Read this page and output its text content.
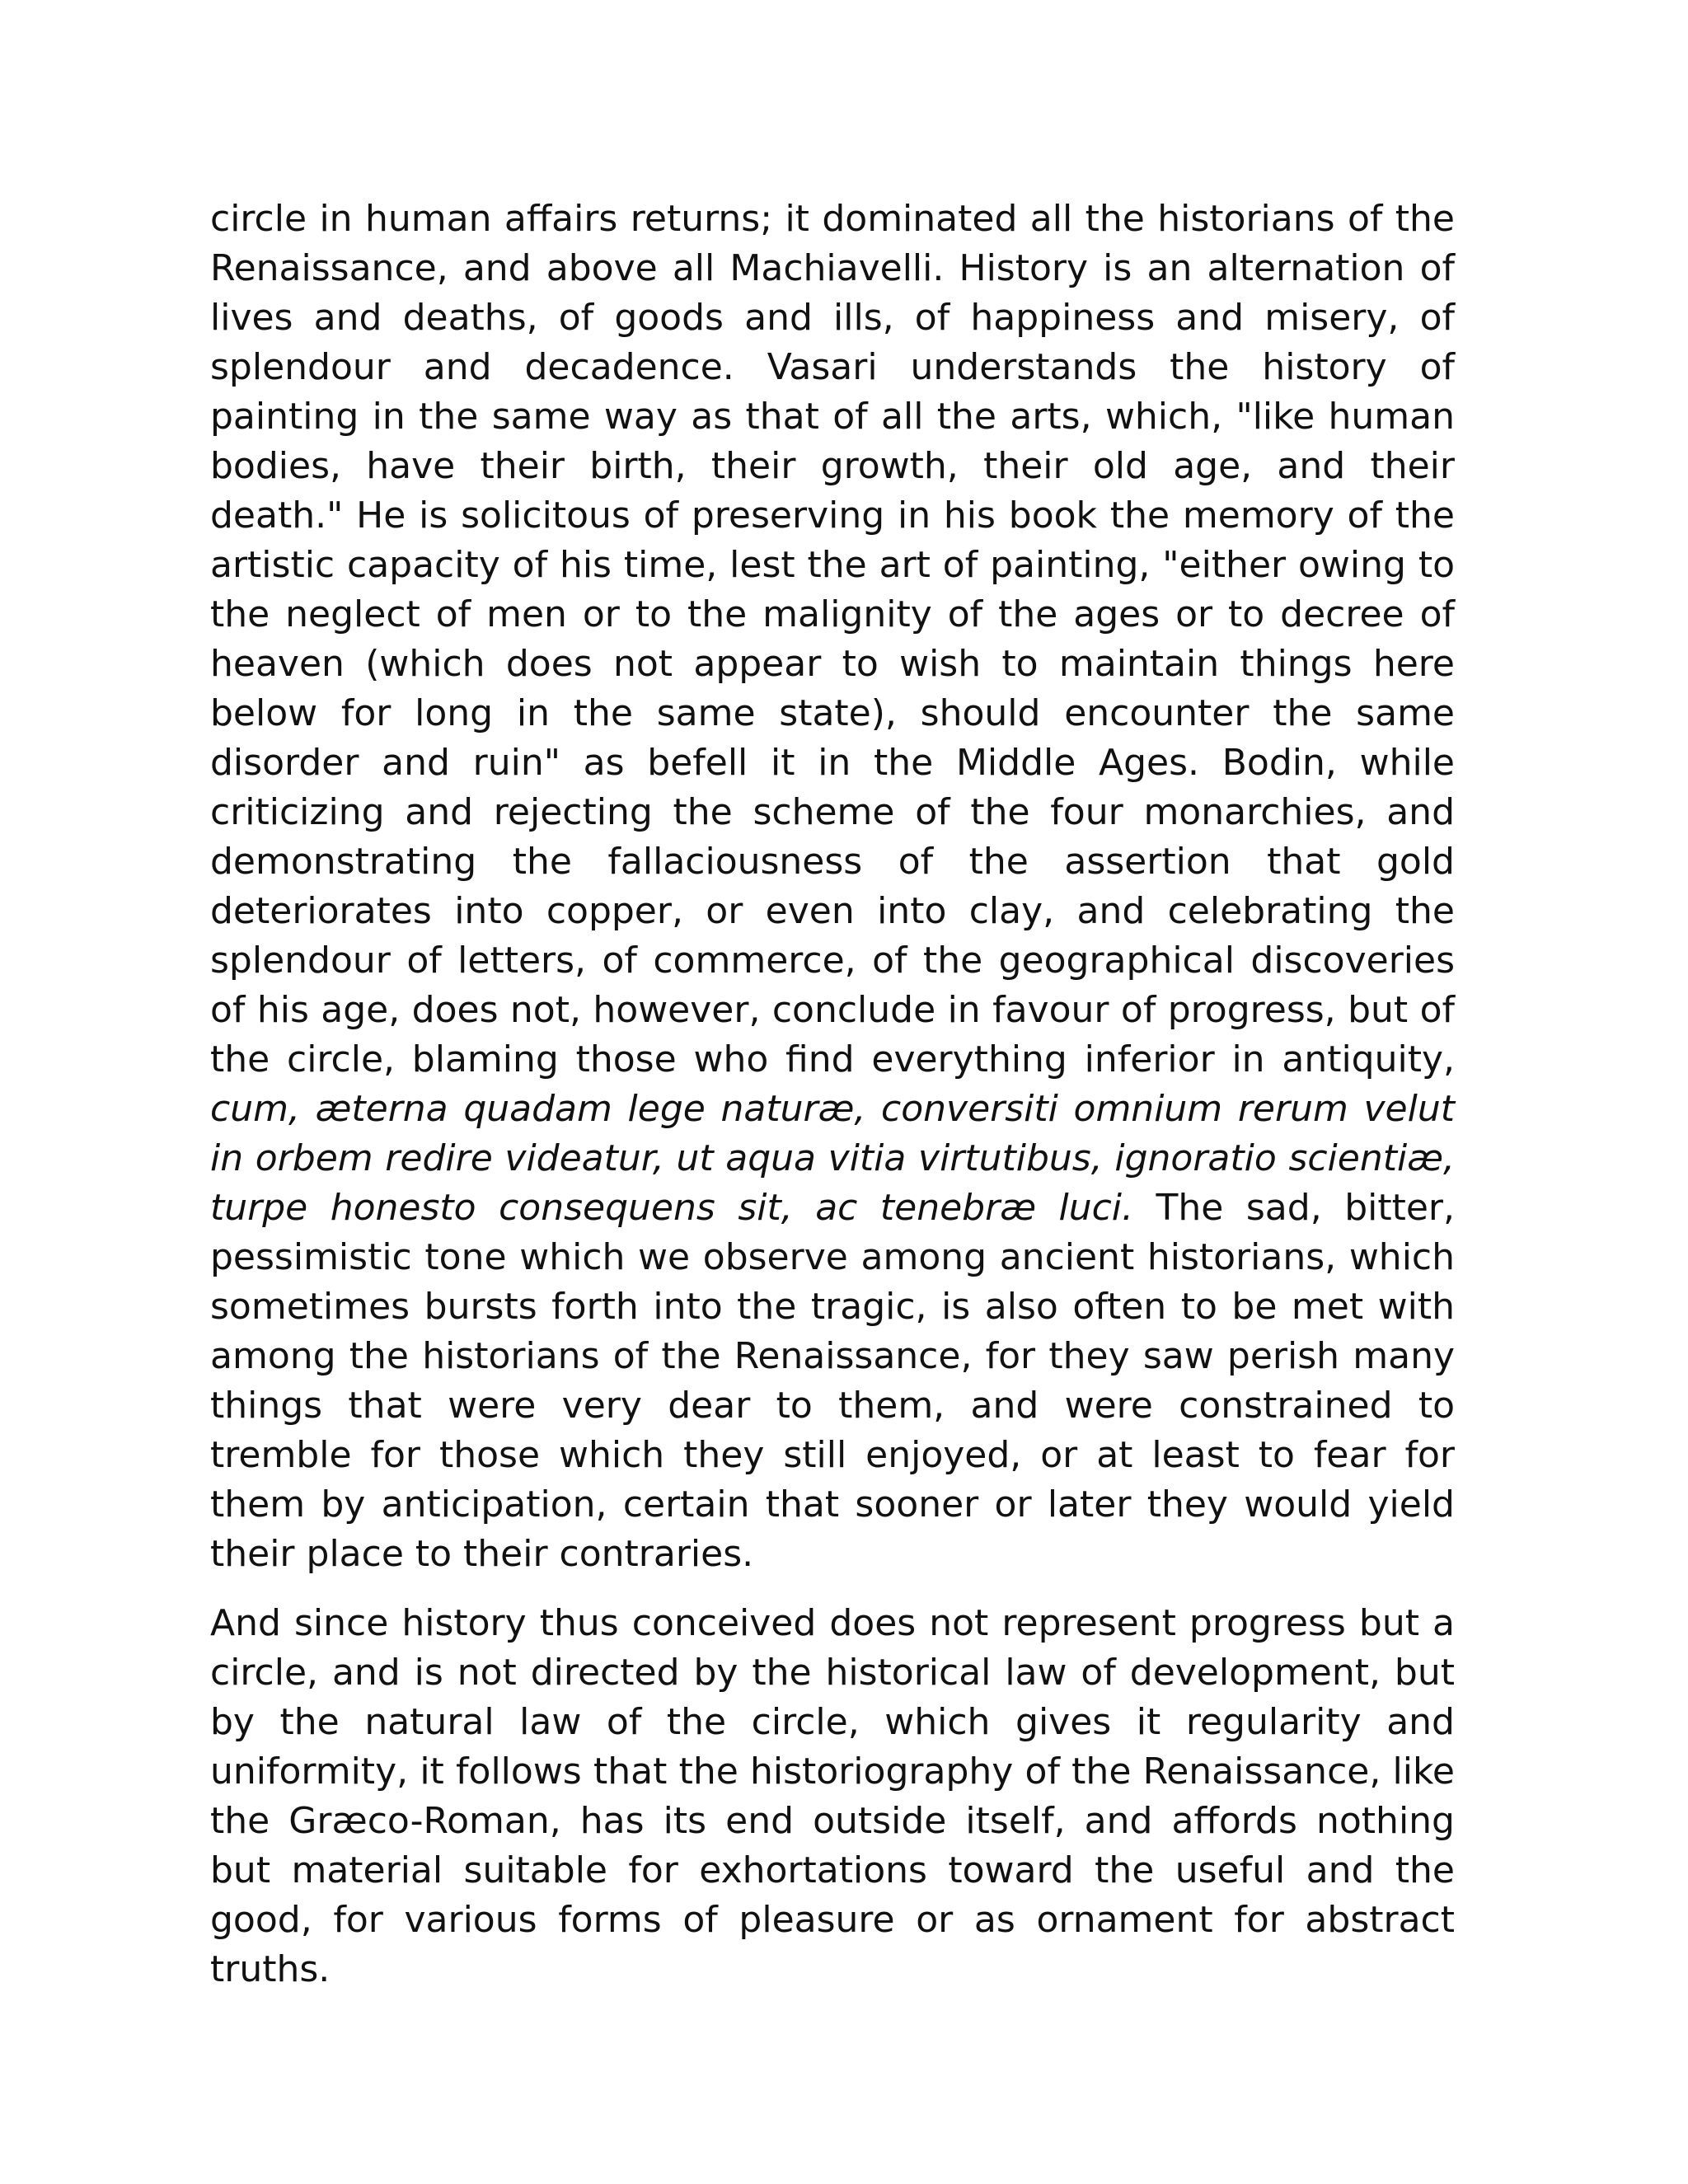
circle in human affairs returns; it dominated all the historians of the Renaissance, and above all Machiavelli. History is an alternation of lives and deaths, of goods and ills, of happiness and misery, of splendour and decadence. Vasari understands the history of painting in the same way as that of all the arts, which, "like human bodies, have their birth, their growth, their old age, and their death." He is solicitous of preserving in his book the memory of the artistic capacity of his time, lest the art of painting, "either owing to the neglect of men or to the malignity of the ages or to decree of heaven (which does not appear to wish to maintain things here below for long in the same state), should encounter the same disorder and ruin" as befell it in the Middle Ages. Bodin, while criticizing and rejecting the scheme of the four monarchies, and demonstrating the fallaciousness of the assertion that gold deteriorates into copper, or even into clay, and celebrating the splendour of letters, of commerce, of the geographical discoveries of his age, does not, however, conclude in favour of progress, but of the circle, blaming those who find everything inferior in antiquity, cum, æterna quadam lege naturæ, conversiti omnium rerum velut in orbem redire videatur, ut aqua vitia virtutibus, ignoratio scientiæ, turpe honesto consequens sit, ac tenebræ luci. The sad, bitter, pessimistic tone which we observe among ancient historians, which sometimes bursts forth into the tragic, is also often to be met with among the historians of the Renaissance, for they saw perish many things that were very dear to them, and were constrained to tremble for those which they still enjoyed, or at least to fear for them by anticipation, certain that sooner or later they would yield their place to their contraries.

And since history thus conceived does not represent progress but a circle, and is not directed by the historical law of development, but by the natural law of the circle, which gives it regularity and uniformity, it follows that the historiography of the Renaissance, like the Græco-Roman, has its end outside itself, and affords nothing but material suitable for exhortations toward the useful and the good, for various forms of pleasure or as ornament for abstract truths.
